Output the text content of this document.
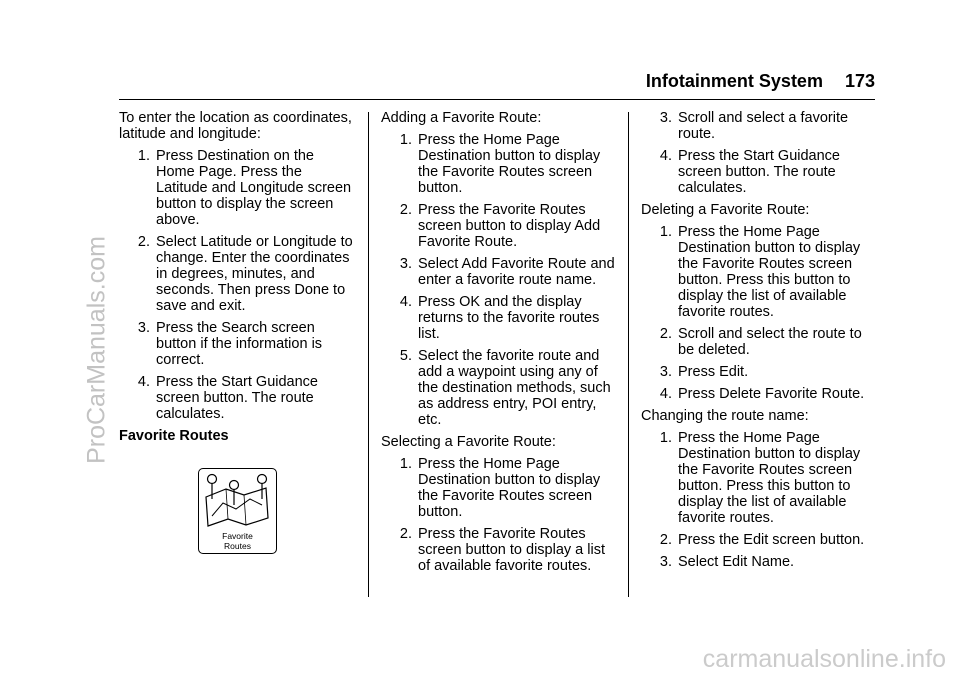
ProCarManuals.com
carmanualsonline.info
Infotainment System 173

To enter the location as coordinates, latitude and longitude:

1. Press Destination on the Home Page. Press the Latitude and Longitude screen button to display the screen above.
2. Select Latitude or Longitude to change. Enter the coordinates in degrees, minutes, and seconds. Then press Done to save and exit.
3. Press the Search screen button if the information is correct.
4. Press the Start Guidance screen button. The route calculates.

Favorite Routes

Favorite
Routes

Adding a Favorite Route:

1. Press the Home Page Destination button to display the Favorite Routes screen button.
2. Press the Favorite Routes screen button to display Add Favorite Route.
3. Select Add Favorite Route and enter a favorite route name.
4. Press OK and the display returns to the favorite routes list.
5. Select the favorite route and add a waypoint using any of the destination methods, such as address entry, POI entry, etc.

Selecting a Favorite Route:

1. Press the Home Page Destination button to display the Favorite Routes screen button.
2. Press the Favorite Routes screen button to display a list of available favorite routes.
3. Scroll and select a favorite route.
4. Press the Start Guidance screen button. The route calculates.

Deleting a Favorite Route:

1. Press the Home Page Destination button to display the Favorite Routes screen button. Press this button to display the list of available favorite routes.
2. Scroll and select the route to be deleted.
3. Press Edit.
4. Press Delete Favorite Route.

Changing the route name:

1. Press the Home Page Destination button to display the Favorite Routes screen button. Press this button to display the list of available favorite routes.
2. Press the Edit screen button.
3. Select Edit Name.
